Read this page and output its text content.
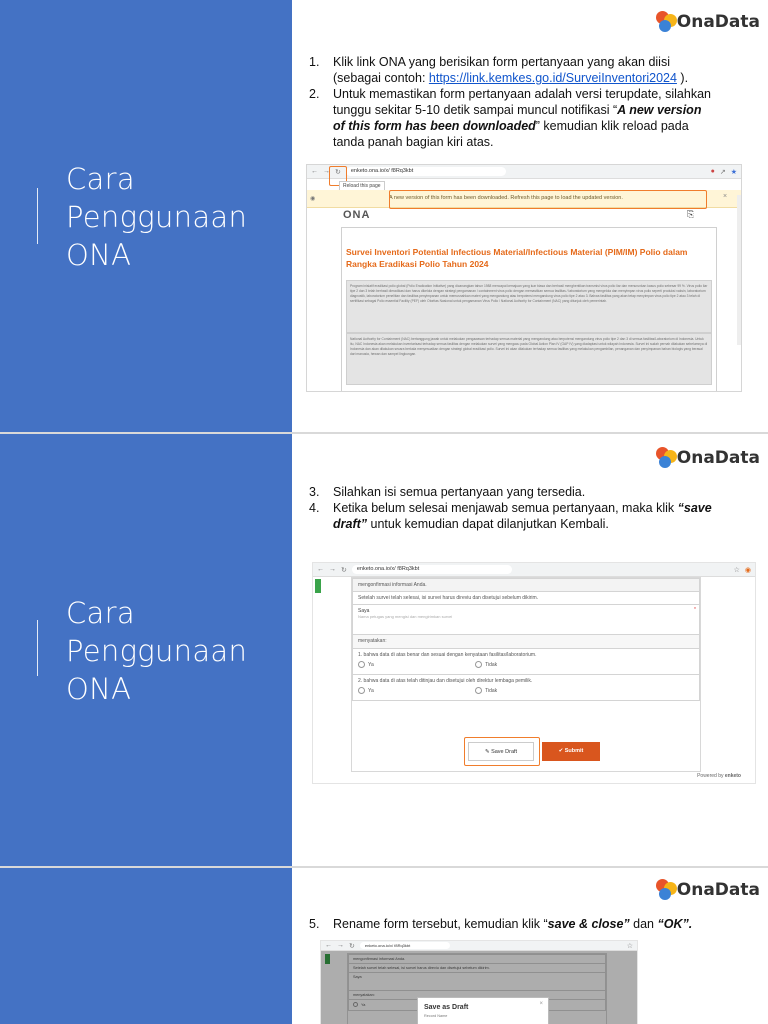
Cara
Penggunaan
ONA
OnaData
1.	Klik link ONA yang berisikan form pertanyaan yang akan diisi
(sebagai contoh: https://link.kemkes.go.id/SurveiInventori2024 ).
2.	Untuk memastikan form pertanyaan adalah versi terupdate, silahkan
tunggu sekitar 5-10 detik sampai muncul notifikasi “A new version
of this form has been downloaded” kemudian klik reload pada
tanda panah bagian kiri atas.
← → ↻	enketo.ona.io/x/ f8Rq3kbt	● ↗ ★
Reload this page
A new version of this form has been downloaded. Refresh this page to load the updated version.
◉	×
ONA	⎘
Survei Inventori Potential Infectious Material/Infectious Material (PIM/IM) Polio dalam Rangka Eradikasi Polio Tahun 2024
Program inisiatif eradikasi polio global (Polio Eradication Initiative) yang dicanangkan tahun 1988 mencapai kemajuan yang luar biasa dan berhasil menghentikan transmisi virus polio liar dan menurunkan kasus polio sebesar 99 %. Virus polio liar tipe 2 dan 3 telah berhasil dieradikasi dan harus dikelola dengan strategi pengamanan / containment virus polio dengan memastikan semua fasilitas / laboratorium yang mengelola dan menyimpan virus polio seperti produksi vaksin, laboratorium diagnostik, laboratorium penelitian dan fasilitas penyimpanan untuk memusnahkan materi yang mengandung atau berpotensi mengandung virus polio tipe 2 atau 3. Bahwa fasilitas yang akan tetap menyimpan virus polio tipe 2 atau 3 telah di sertifikasi sebagai Polio essential Facility (PEF) oleh Otoritas Nasional untuk pengamanan Virus Polio / National Authority for Containment (NAC) yang ditunjuk oleh pemerintah.
National Authority for Containment (NAC) bertanggung jawab untuk melakukan pengawasan terhadap semua material yang mengandung atau berpotensi mengandung virus polio tipe 2 dan 3 di semua fasilitas/Laboratorium di Indonesia. Untuk itu, NAC Indonesia akan melakukan inventarisasi terhadap semua fasilitas dengan melakukan survei yang mengacu pada Global Action Plan IV (GAP IV) yang diadaptasi untuk wilayah Indonesia. Survei ini sudah pernah dilakukan sebelumnya di Indonesia dan akan dilakukan secara berkala menyesuaikan dengan strategi global eradikasi polio. Survei ini akan dilakukan terhadap semua fasilitas yang melakukan pengambilan, penanganan dan penyimpanan bahan biologis yang berasal dari manusia, hewan dan sampel lingkungan.
Cara
Penggunaan
ONA
OnaData
3.	Silahkan isi semua pertanyaan yang tersedia.
4.	Ketika belum selesai menjawab semua pertanyaan, maka klik “save
draft” untuk kemudian dapat dilanjutkan Kembali.
← → ↻	enketo.ona.io/x/ f8Rq3kbt	☆ ◉
mengonfirmasi informasi Anda.
Setelah survei telah selesai, isi survei harus direviu dan disetujui sebelum dikirim.
Saya
Nama petugas yang mengisi dan mengirimkan survei
*
menyatakan:
1. bahwa data di atas benar dan sesuai dengan kenyataan fasilitas/laboratorium.
Ya
	Tidak
2. bahwa data di atas telah ditinjau dan disetujui oleh direktur lembaga pemilik.
Ya
	Tidak
✎ Save Draft	✔ Submit
Powered by enketo
OnaData
5.	Rename form tersebut, kemudian klik “save & close” dan “OK”.
← → ↻	enketo.ona.io/x/ f8Rq3kbt	☆
mengonfirmasi informasi Anda.
Setelah survei telah selesai, isi survei harus direviu dan disetujui sebelum dikirim.
Saya
menyatakan:
Ya	Save as Draft
Record Name
×
